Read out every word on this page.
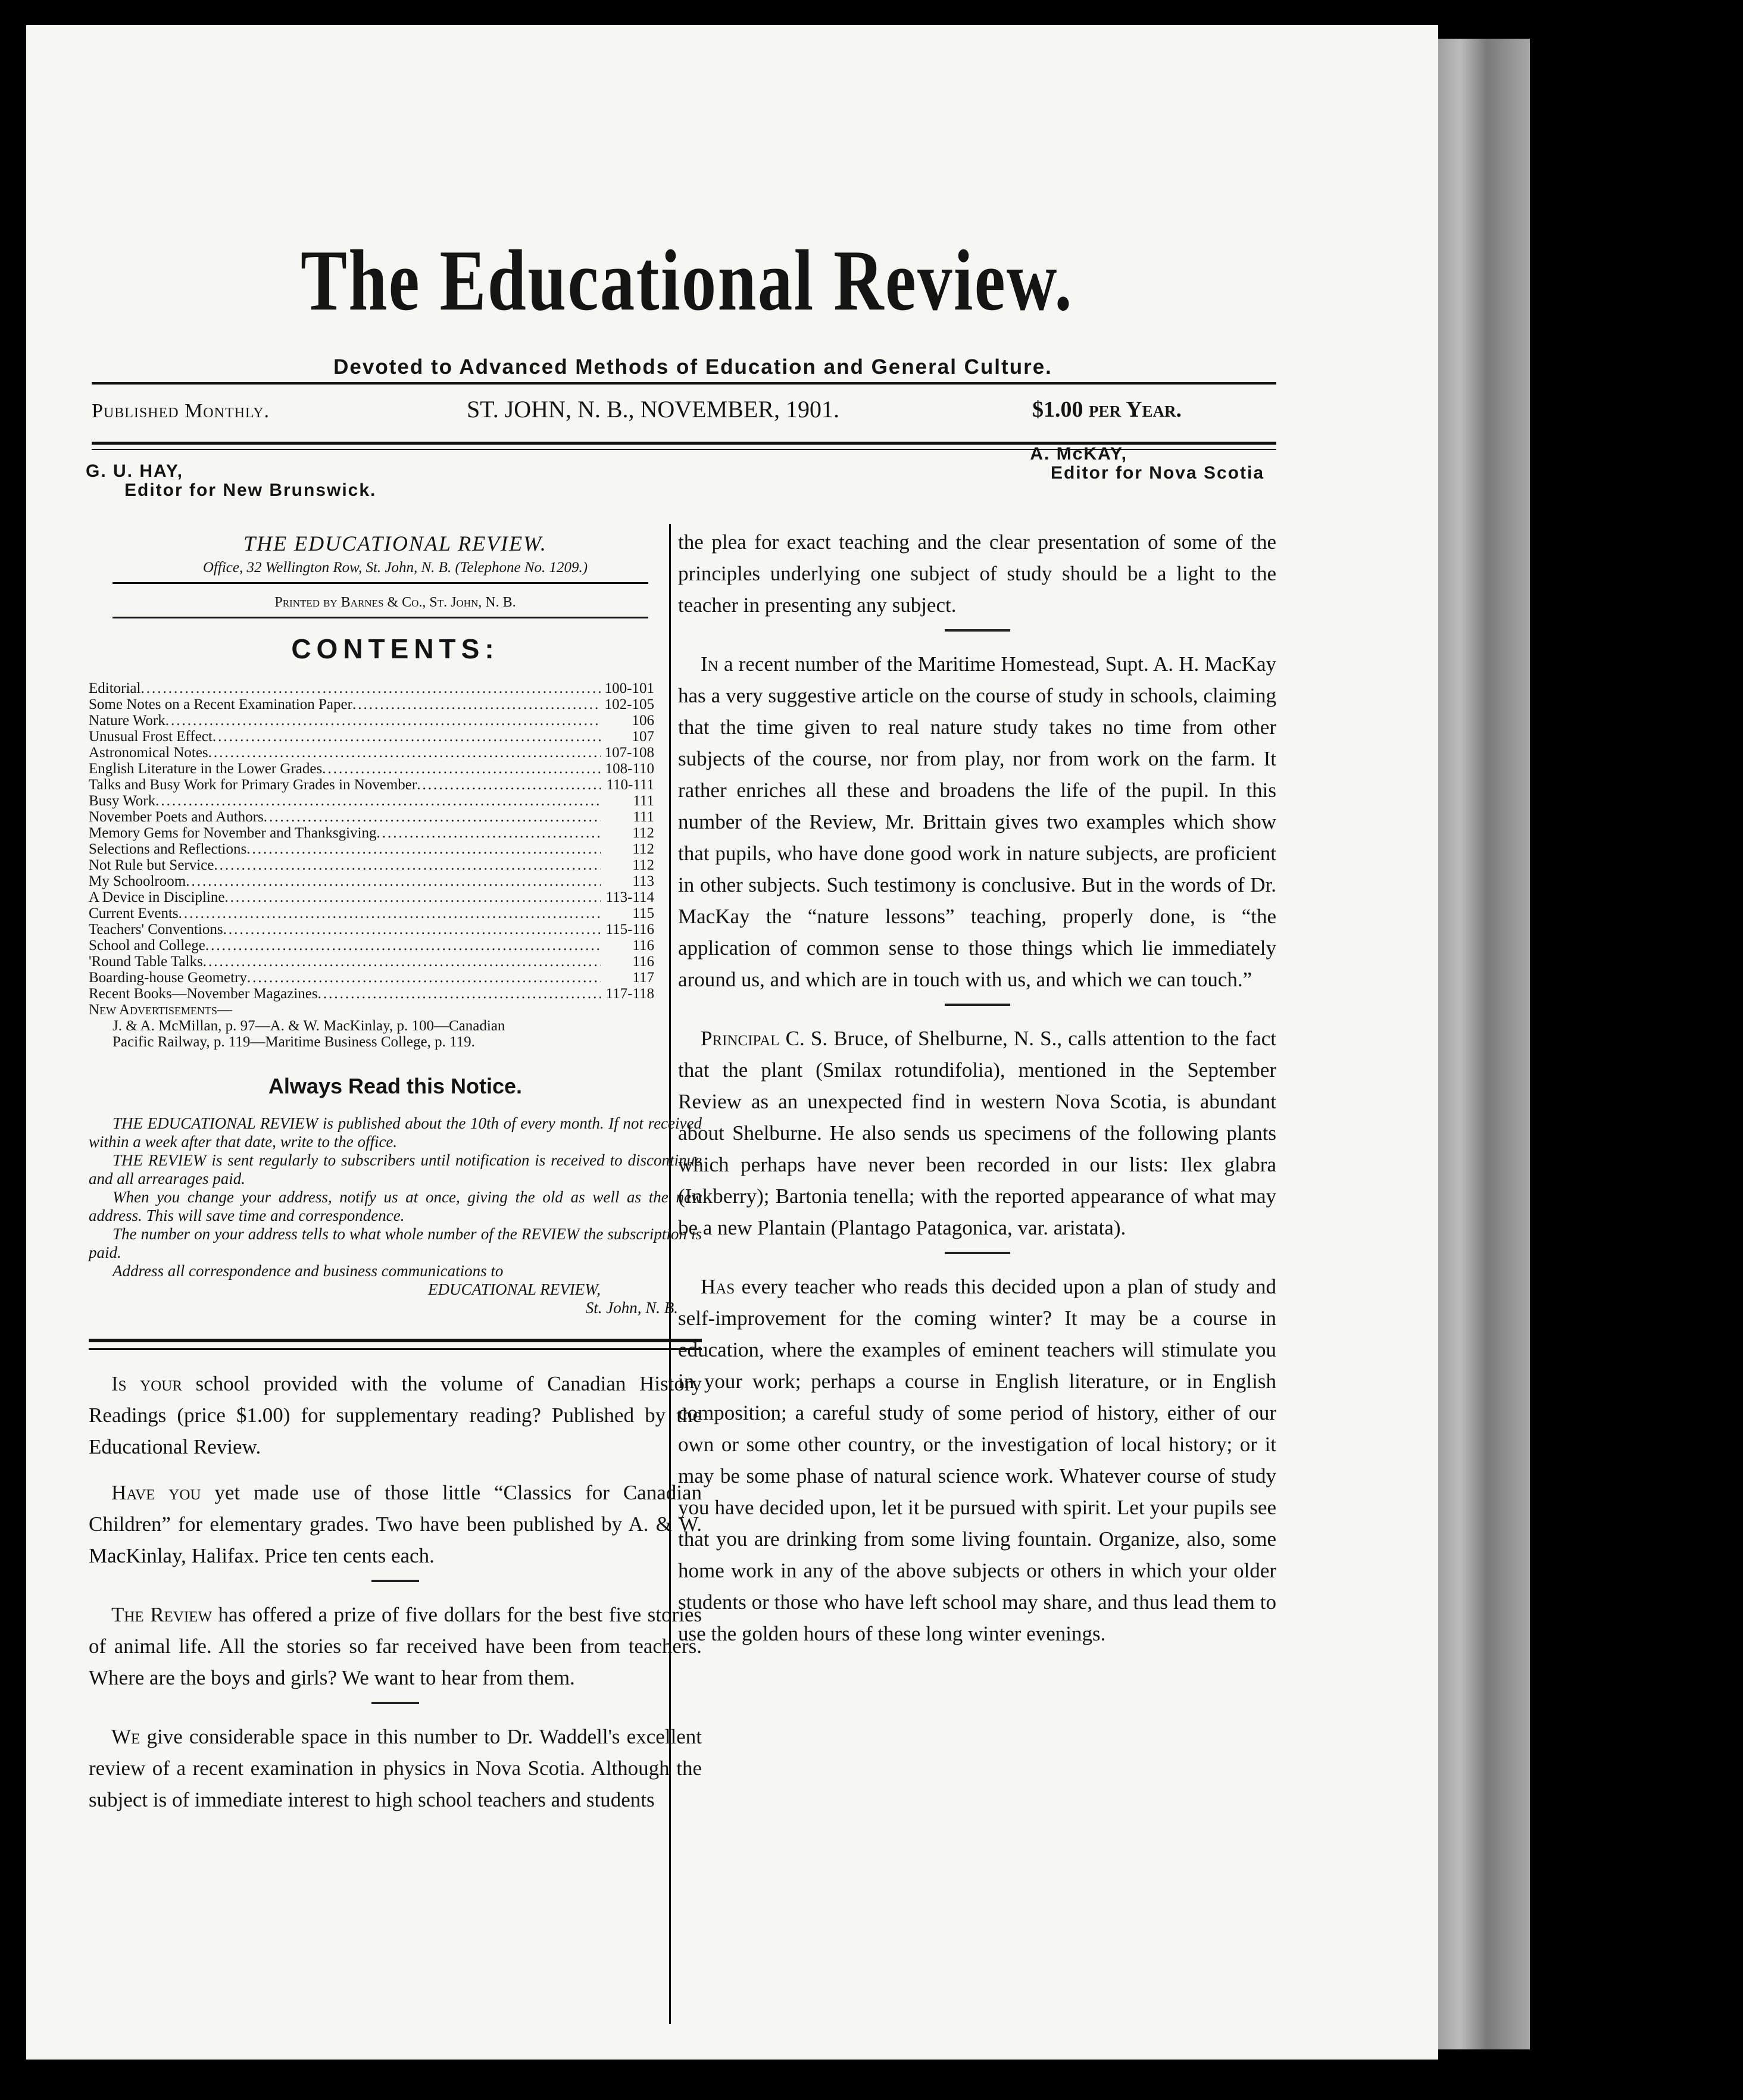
The Educational Review.
Devoted to Advanced Methods of Education and General Culture.
Published Monthly.	ST. JOHN, N. B., NOVEMBER, 1901.	$1.00 per Year.
G. U. HAY,
Editor for New Brunswick.
A. McKAY,
Editor for Nova Scotia
THE EDUCATIONAL REVIEW.
Office, 32 Wellington Row, St. John, N. B. (Telephone No. 1209.)
Printed by Barnes & Co., St. John, N. B.
CONTENTS:
Editorial .....	100-101
Some Notes on a Recent Examination Paper .....	102-105
Nature Work .....	106
Unusual Frost Effect .....	107
Astronomical Notes .....	107-108
English Literature in the Lower Grades .....	108-110
Talks and Busy Work for Primary Grades in November .....	110-111
Busy Work .....	111
November Poets and Authors .....	111
Memory Gems for November and Thanksgiving .....	112
Selections and Reflections .....	112
Not Rule but Service .....	112
My Schoolroom .....	113
A Device in Discipline .....	113-114
Current Events .....	115
Teachers' Conventions .....	115-116
School and College .....	116
'Round Table Talks .....	116
Boarding-house Geometry .....	117
Recent Books—November Magazines .....	117-118
New Advertisements—
J. & A. McMillan, p. 97—A. & W. MacKinlay, p. 100—Canadian
Pacific Railway, p. 119—Maritime Business College, p. 119.
Always Read this Notice.

THE EDUCATIONAL REVIEW is published about the 10th of every month. If not received within a week after that date, write to the office.

THE REVIEW is sent regularly to subscribers until notification is received to discontinue and all arrearages paid.

When you change your address, notify us at once, giving the old as well as the new address. This will save time and correspondence.

The number on your address tells to what whole number of the REVIEW the subscription is paid.

Address all correspondence and business communications to

EDUCATIONAL REVIEW,
St. John, N. B.

Is your school provided with the volume of Canadian History Readings (price $1.00) for supplementary reading? Published by the Educational Review.

Have you yet made use of those little “Classics for Canadian Children” for elementary grades. Two have been published by A. & W. MacKinlay, Halifax. Price ten cents each.

The Review has offered a prize of five dollars for the best five stories of animal life. All the stories so far received have been from teachers. Where are the boys and girls? We want to hear from them.

We give considerable space in this number to Dr. Waddell's excellent review of a recent examination in physics in Nova Scotia. Although the subject is of immediate interest to high school teachers and students

the plea for exact teaching and the clear presentation of some of the principles underlying one subject of study should be a light to the teacher in presenting any subject.

In a recent number of the Maritime Homestead, Supt. A. H. MacKay has a very suggestive article on the course of study in schools, claiming that the time given to real nature study takes no time from other subjects of the course, nor from play, nor from work on the farm. It rather enriches all these and broadens the life of the pupil. In this number of the Review, Mr. Brittain gives two examples which show that pupils, who have done good work in nature subjects, are proficient in other subjects. Such testimony is conclusive. But in the words of Dr. MacKay the “nature lessons” teaching, properly done, is “the application of common sense to those things which lie immediately around us, and which are in touch with us, and which we can touch.”

Principal C. S. Bruce, of Shelburne, N. S., calls attention to the fact that the plant (Smilax rotundifolia), mentioned in the September Review as an unexpected find in western Nova Scotia, is abundant about Shelburne. He also sends us specimens of the following plants which perhaps have never been recorded in our lists: Ilex glabra (Inkberry); Bartonia tenella; with the reported appearance of what may be a new Plantain (Plantago Patagonica, var. aristata).

Has every teacher who reads this decided upon a plan of study and self-improvement for the coming winter? It may be a course in education, where the examples of eminent teachers will stimulate you in your work; perhaps a course in English literature, or in English composition; a careful study of some period of history, either of our own or some other country, or the investigation of local history; or it may be some phase of natural science work. Whatever course of study you have decided upon, let it be pursued with spirit. Let your pupils see that you are drinking from some living fountain. Organize, also, some home work in any of the above subjects or others in which your older students or those who have left school may share, and thus lead them to use the golden hours of these long winter evenings.
